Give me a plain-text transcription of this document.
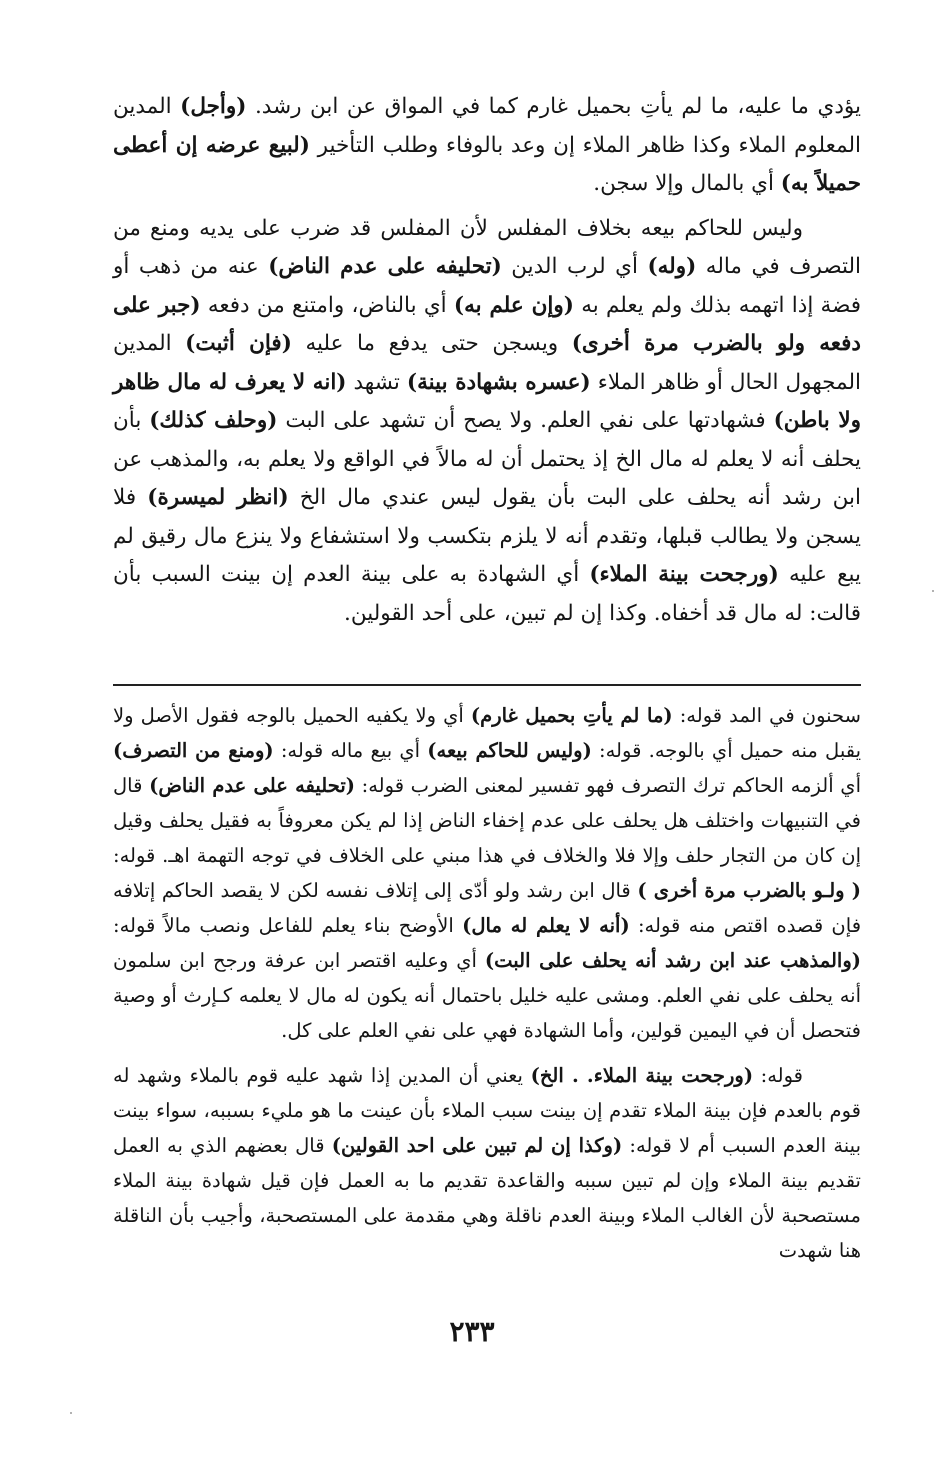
يؤدي ما عليه، ما لم يأتِ بحميل غارم كما في المواق عن ابن رشد. (وأجل) المدين المعلوم الملاء وكذا ظاهر الملاء إن وعد بالوفاء وطلب التأخير (لبيع عرضه إن أعطى حميلاً به) أي بالمال وإلا سجن.

وليس للحاكم بيعه بخلاف المفلس لأن المفلس قد ضرب على يديه ومنع من التصرف في ماله (وله) أي لرب الدين (تحليفه على عدم الناض) عنه من ذهب أو فضة إذا اتهمه بذلك ولم يعلم به (وإن علم به) أي بالناض، وامتنع من دفعه (جبر على دفعه ولو بالضرب مرة أخرى) ويسجن حتى يدفع ما عليه (فإن أثبت) المدين المجهول الحال أو ظاهر الملاء (عسره بشهادة بينة) تشهد (انه لا يعرف له مال ظاهر ولا باطن) فشهادتها على نفي العلم. ولا يصح أن تشهد على البت (وحلف كذلك) بأن يحلف أنه لا يعلم له مال الخ إذ يحتمل أن له مالاً في الواقع ولا يعلم به، والمذهب عن ابن رشد أنه يحلف على البت بأن يقول ليس عندي مال الخ (انظر لميسرة) فلا يسجن ولا يطالب قبلها، وتقدم أنه لا يلزم بتكسب ولا استشفاع ولا ينزع مال رقيق لم يبع عليه (ورجحت بينة الملاء) أي الشهادة به على بينة العدم إن بينت السبب بأن قالت: له مال قد أخفاه. وكذا إن لم تبين، على أحد القولين.

سحنون في المد قوله: (ما لم يأتِ بحميل غارم) أي ولا يكفيه الحميل بالوجه فقول الأصل ولا يقبل منه حميل أي بالوجه. قوله: (وليس للحاكم بيعه) أي بيع ماله قوله: (ومنع من التصرف) أي ألزمه الحاكم ترك التصرف فهو تفسير لمعنى الضرب قوله: (تحليفه على عدم الناض) قال في التنبيهات واختلف هل يحلف على عدم إخفاء الناض إذا لم يكن معروفاً به فقيل يحلف وقيل إن كان من التجار حلف وإلا فلا والخلاف في هذا مبني على الخلاف في توجه التهمة اهـ. قوله: ( ولـو بالضرب مرة أخرى ) قال ابن رشد ولو أدّى إلى إتلاف نفسه لكن لا يقصد الحاكم إتلافه فإن قصده اقتص منه قوله: (أنه لا يعلم له مال) الأوضح بناء يعلم للفاعل ونصب مالاً قوله: (والمذهب عند ابن رشد أنه يحلف على البت) أي وعليه اقتصر ابن عرفة ورجح ابن سلمون أنه يحلف على نفي العلم. ومشى عليه خليل باحتمال أنه يكون له مال لا يعلمه كـإرث أو وصية فتحصل أن في اليمين قولين، وأما الشهادة فهي على نفي العلم على كل.

قوله: (ورجحت بينة الملاء. . الخ) يعني أن المدين إذا شهد عليه قوم بالملاء وشهد له قوم بالعدم فإن بينة الملاء تقدم إن بينت سبب الملاء بأن عينت ما هو مليء بسببه، سواء بينت بينة العدم السبب أم لا قوله: (وكذا إن لم تبين على احد القولين) قال بعضهم الذي به العمل تقديم بينة الملاء وإن لم تبين سببه والقاعدة تقديم ما به العمل فإن قيل شهادة بينة الملاء مستصحبة لأن الغالب الملاء وبينة العدم ناقلة وهي مقدمة على المستصحبة، وأجيب بأن الناقلة هنا شهدت

٢٣٣
